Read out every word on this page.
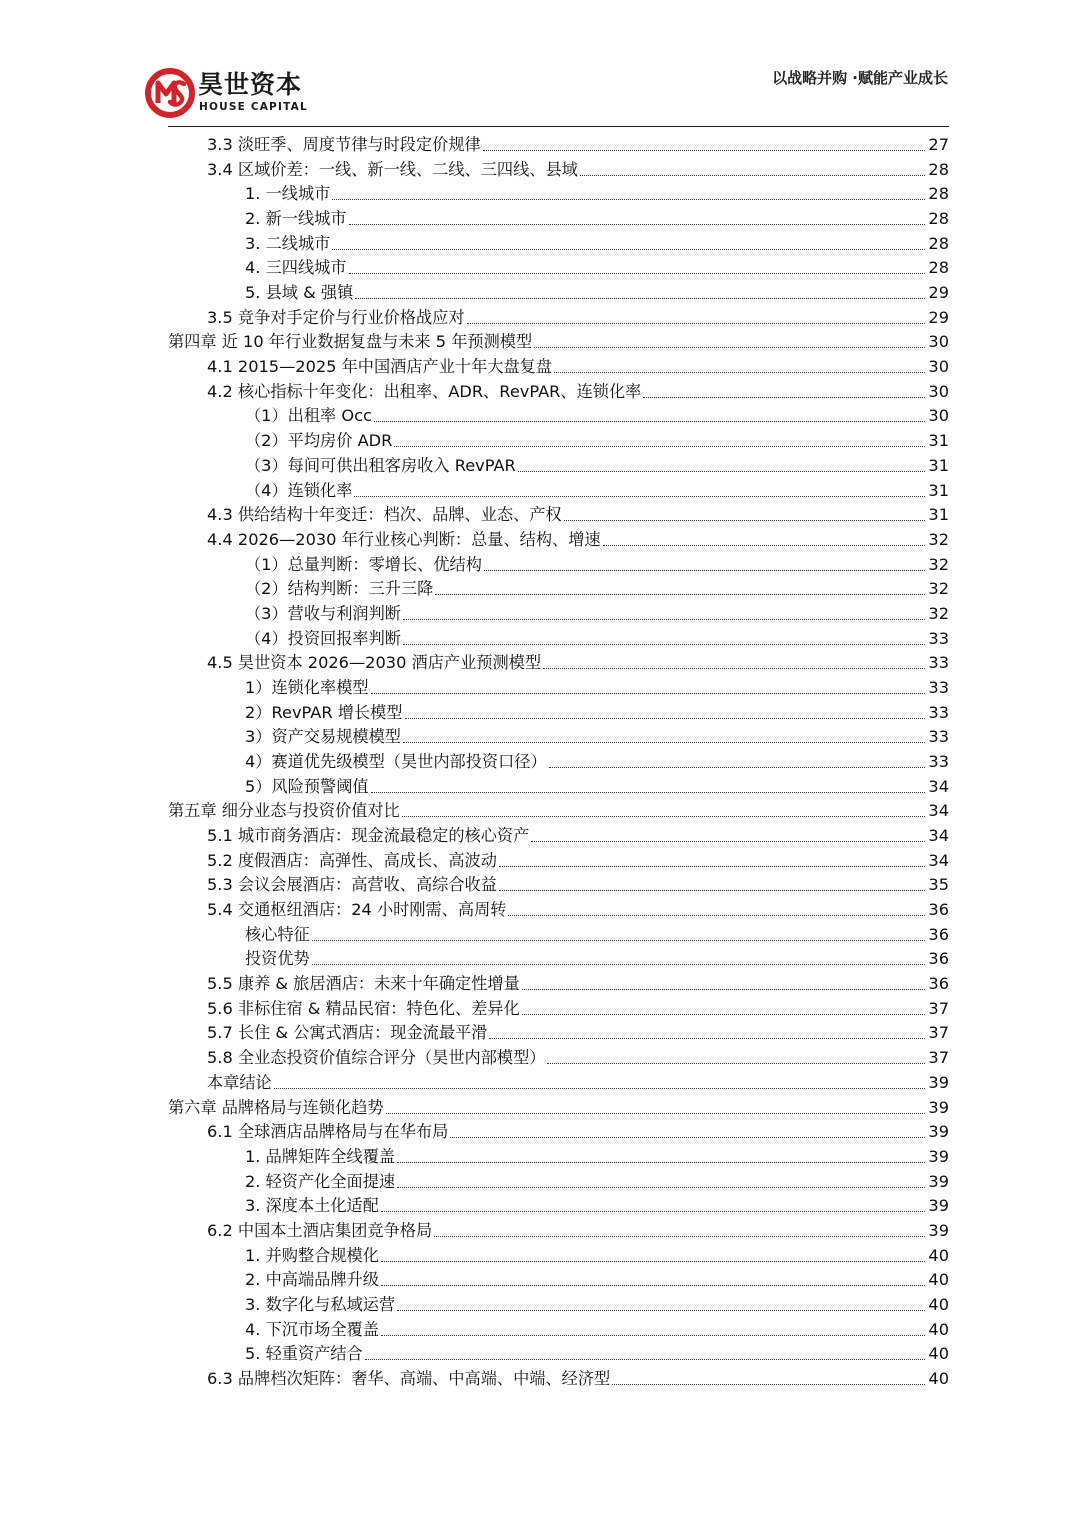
昊世资本
HOUSE CAPITAL
以战略并购 ·赋能产业成长
3.3 淡旺季、周度节律与时段定价规律	27
3.4 区域价差：一线、新一线、二线、三四线、县域	28
1. 一线城市	28
2. 新一线城市	28
3. 二线城市	28
4. 三四线城市	28
5. 县域 & 强镇	29
3.5 竞争对手定价与行业价格战应对	29
第四章 近 10 年行业数据复盘与未来 5 年预测模型	30
4.1 2015—2025 年中国酒店产业十年大盘复盘	30
4.2 核心指标十年变化：出租率、ADR、RevPAR、连锁化率	30
（1）出租率 Occ	30
（2）平均房价 ADR	31
（3）每间可供出租客房收入 RevPAR	31
（4）连锁化率	31
4.3 供给结构十年变迁：档次、品牌、业态、产权	31
4.4 2026—2030 年行业核心判断：总量、结构、增速	32
（1）总量判断：零增长、优结构	32
（2）结构判断：三升三降	32
（3）营收与利润判断	32
（4）投资回报率判断	33
4.5 昊世资本 2026—2030 酒店产业预测模型	33
1）连锁化率模型	33
2）RevPAR 增长模型	33
3）资产交易规模模型	33
4）赛道优先级模型（昊世内部投资口径）	33
5）风险预警阈值	34
第五章 细分业态与投资价值对比	34
5.1 城市商务酒店：现金流最稳定的核心资产	34
5.2 度假酒店：高弹性、高成长、高波动	34
5.3 会议会展酒店：高营收、高综合收益	35
5.4 交通枢纽酒店：24 小时刚需、高周转	36
核心特征	36
投资优势	36
5.5 康养 & 旅居酒店：未来十年确定性增量	36
5.6 非标住宿 & 精品民宿：特色化、差异化	37
5.7 长住 & 公寓式酒店：现金流最平滑	37
5.8 全业态投资价值综合评分（昊世内部模型）	37
本章结论	39
第六章 品牌格局与连锁化趋势	39
6.1 全球酒店品牌格局与在华布局	39
1. 品牌矩阵全线覆盖	39
2. 轻资产化全面提速	39
3. 深度本土化适配	39
6.2 中国本土酒店集团竞争格局	39
1. 并购整合规模化	40
2. 中高端品牌升级	40
3. 数字化与私域运营	40
4. 下沉市场全覆盖	40
5. 轻重资产结合	40
6.3 品牌档次矩阵：奢华、高端、中高端、中端、经济型	40
